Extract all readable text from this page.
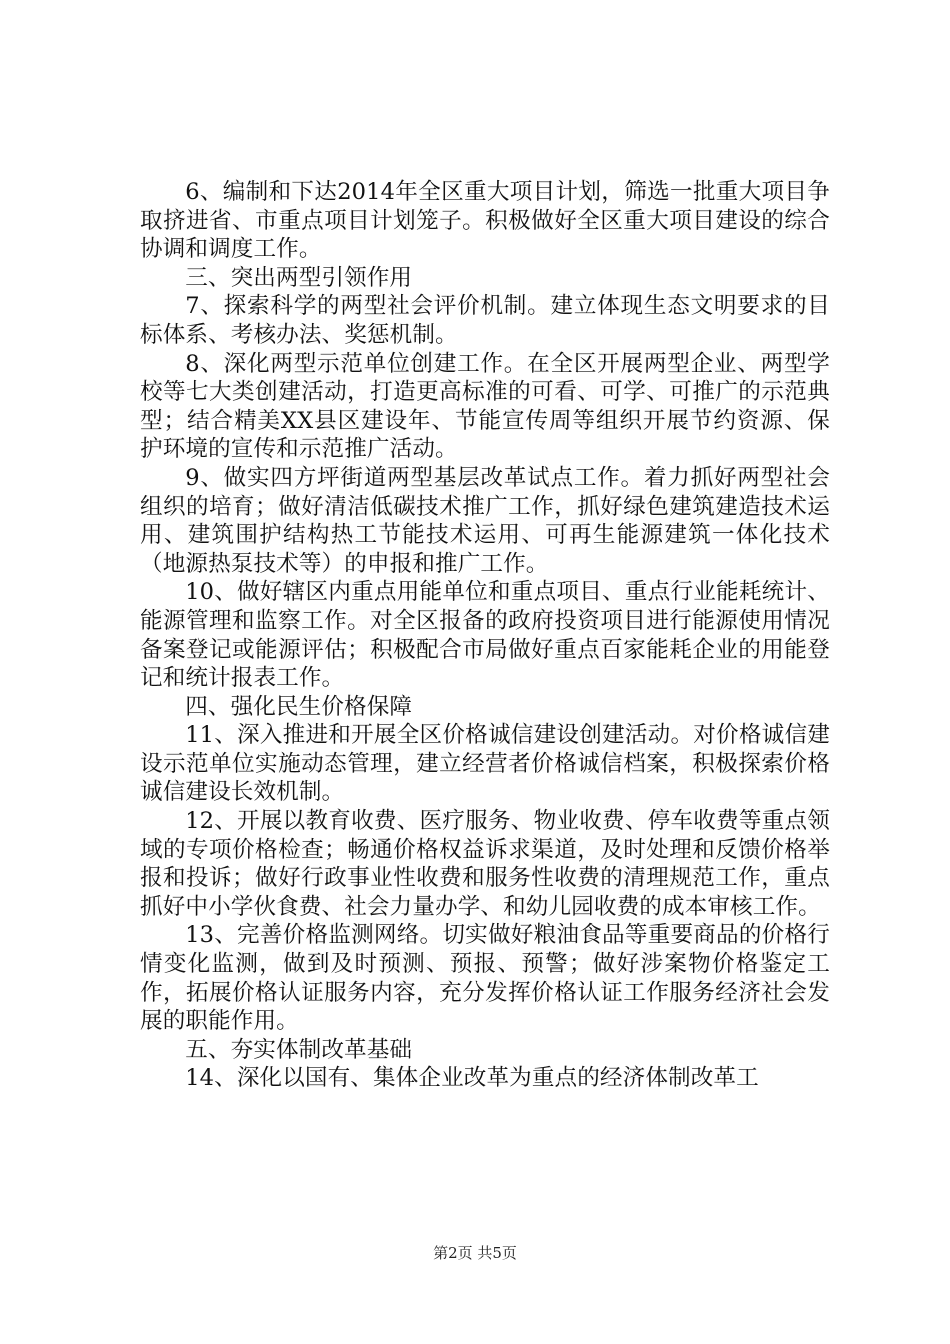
6、编制和下达2014年全区重大项目计划，筛选一批重大项目争取挤进省、市重点项目计划笼子。积极做好全区重大项目建设的综合协调和调度工作。

三、突出两型引领作用

7、探索科学的两型社会评价机制。建立体现生态文明要求的目标体系、考核办法、奖惩机制。

8、深化两型示范单位创建工作。在全区开展两型企业、两型学校等七大类创建活动，打造更高标准的可看、可学、可推广的示范典型；结合精美XX县区建设年、节能宣传周等组织开展节约资源、保护环境的宣传和示范推广活动。

9、做实四方坪街道两型基层改革试点工作。着力抓好两型社会组织的培育；做好清洁低碳技术推广工作，抓好绿色建筑建造技术运用、建筑围护结构热工节能技术运用、可再生能源建筑一体化技术（地源热泵技术等）的申报和推广工作。

10、做好辖区内重点用能单位和重点项目、重点行业能耗统计、能源管理和监察工作。对全区报备的政府投资项目进行能源使用情况备案登记或能源评估；积极配合市局做好重点百家能耗企业的用能登记和统计报表工作。

四、强化民生价格保障

11、深入推进和开展全区价格诚信建设创建活动。对价格诚信建设示范单位实施动态管理，建立经营者价格诚信档案，积极探索价格诚信建设长效机制。

12、开展以教育收费、医疗服务、物业收费、停车收费等重点领域的专项价格检查；畅通价格权益诉求渠道，及时处理和反馈价格举报和投诉；做好行政事业性收费和服务性收费的清理规范工作，重点抓好中小学伙食费、社会力量办学、和幼儿园收费的成本审核工作。

13、完善价格监测网络。切实做好粮油食品等重要商品的价格行情变化监测，做到及时预测、预报、预警；做好涉案物价格鉴定工作，拓展价格认证服务内容，充分发挥价格认证工作服务经济社会发展的职能作用。

五、夯实体制改革基础

14、深化以国有、集体企业改革为重点的经济体制改革工

第2页 共5页
